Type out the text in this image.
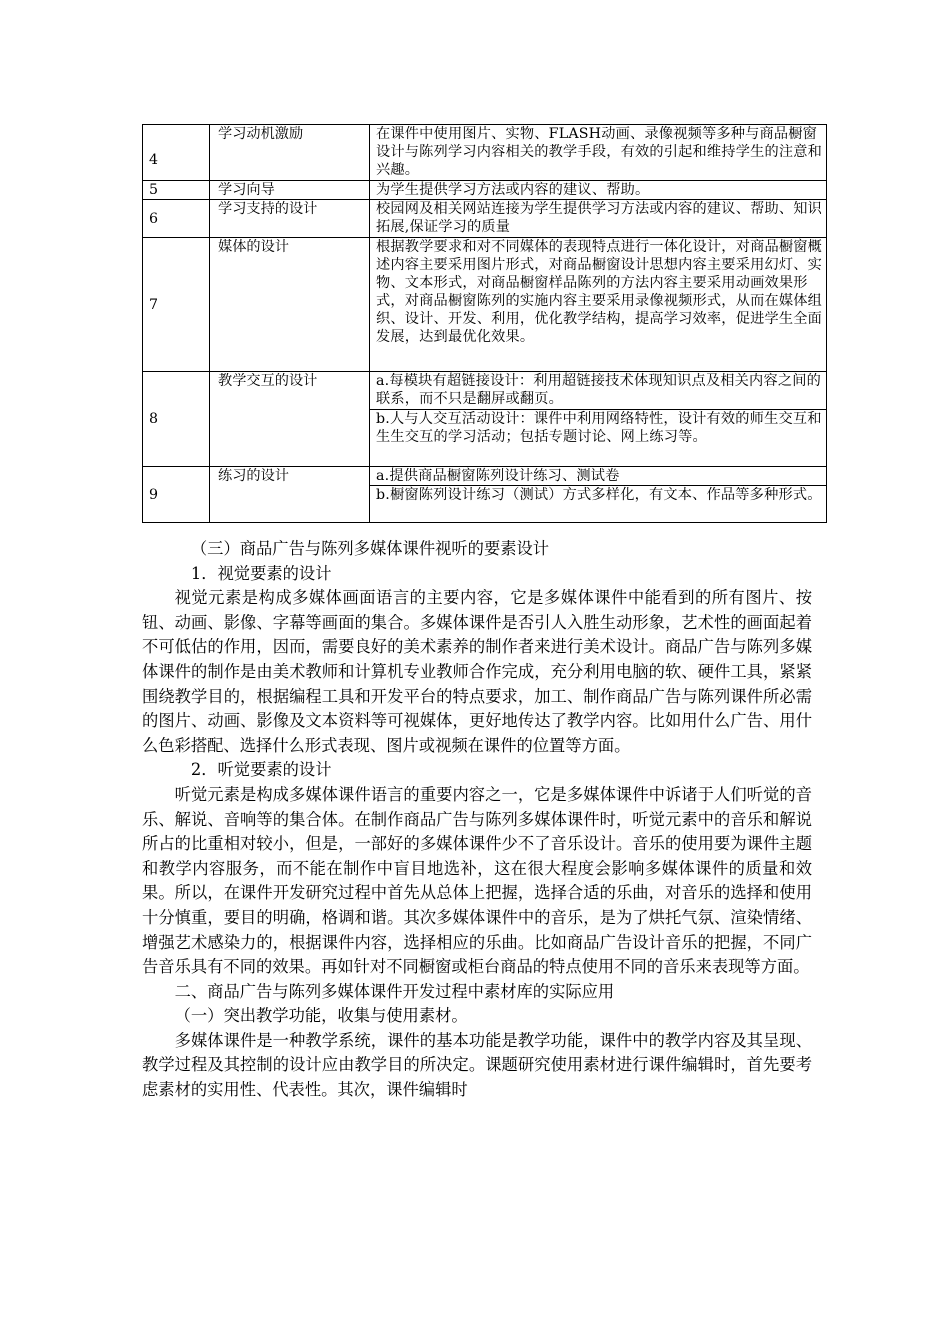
4	学习动机激励	在课件中使用图片、实物、FLASH动画、录像视频等多种与商品橱窗设计与陈列学习内容相关的教学手段，有效的引起和维持学生的注意和兴趣。
5	学习向导	为学生提供学习方法或内容的建议、帮助。
6	学习支持的设计	校园网及相关网站连接为学生提供学习方法或内容的建议、帮助、知识拓展,保证学习的质量
7	媒体的设计	根据教学要求和对不同媒体的表现特点进行一体化设计，对商品橱窗概述内容主要采用图片形式，对商品橱窗设计思想内容主要采用幻灯、实物、文本形式，对商品橱窗样品陈列的方法内容主要采用动画效果形式，对商品橱窗陈列的实施内容主要采用录像视频形式，从而在媒体组织、设计、开发、利用，优化教学结构，提高学习效率，促进学生全面发展，达到最优化效果。
8	教学交互的设计	a.每模块有超链接设计：利用超链接技术体现知识点及相关内容之间的联系，而不只是翻屏或翻页。
		b.人与人交互活动设计：课件中利用网络特性，设计有效的师生交互和生生交互的学习活动；包括专题讨论、网上练习等。
9	练习的设计	a.提供商品橱窗陈列设计练习、测试卷
		b.橱窗陈列设计练习（测试）方式多样化，有文本、作品等多种形式。

（三）商品广告与陈列多媒体课件视听的要素设计

1．视觉要素的设计

视觉元素是构成多媒体画面语言的主要内容，它是多媒体课件中能看到的所有图片、按钮、动画、影像、字幕等画面的集合。多媒体课件是否引人入胜生动形象，艺术性的画面起着不可低估的作用，因而，需要良好的美术素养的制作者来进行美术设计。商品广告与陈列多媒体课件的制作是由美术教师和计算机专业教师合作完成，充分利用电脑的软、硬件工具，紧紧围绕教学目的，根据编程工具和开发平台的特点要求，加工、制作商品广告与陈列课件所必需的图片、动画、影像及文本资料等可视媒体，更好地传达了教学内容。比如用什么广告、用什么色彩搭配、选择什么形式表现、图片或视频在课件的位置等方面。

2．听觉要素的设计

听觉元素是构成多媒体课件语言的重要内容之一，它是多媒体课件中诉诸于人们听觉的音乐、解说、音响等的集合体。在制作商品广告与陈列多媒体课件时，听觉元素中的音乐和解说所占的比重相对较小，但是，一部好的多媒体课件少不了音乐设计。音乐的使用要为课件主题和教学内容服务，而不能在制作中盲目地选补，这在很大程度会影响多媒体课件的质量和效果。所以，在课件开发研究过程中首先从总体上把握，选择合适的乐曲，对音乐的选择和使用十分慎重，要目的明确，格调和谐。其次多媒体课件中的音乐，是为了烘托气氛、渲染情绪、增强艺术感染力的，根据课件内容，选择相应的乐曲。比如商品广告设计音乐的把握，不同广告音乐具有不同的效果。再如针对不同橱窗或柜台商品的特点使用不同的音乐来表现等方面。

二、商品广告与陈列多媒体课件开发过程中素材库的实际应用

（一）突出教学功能，收集与使用素材。

多媒体课件是一种教学系统，课件的基本功能是教学功能，课件中的教学内容及其呈现、教学过程及其控制的设计应由教学目的所决定。课题研究使用素材进行课件编辑时，首先要考虑素材的实用性、代表性。其次，课件编辑时
